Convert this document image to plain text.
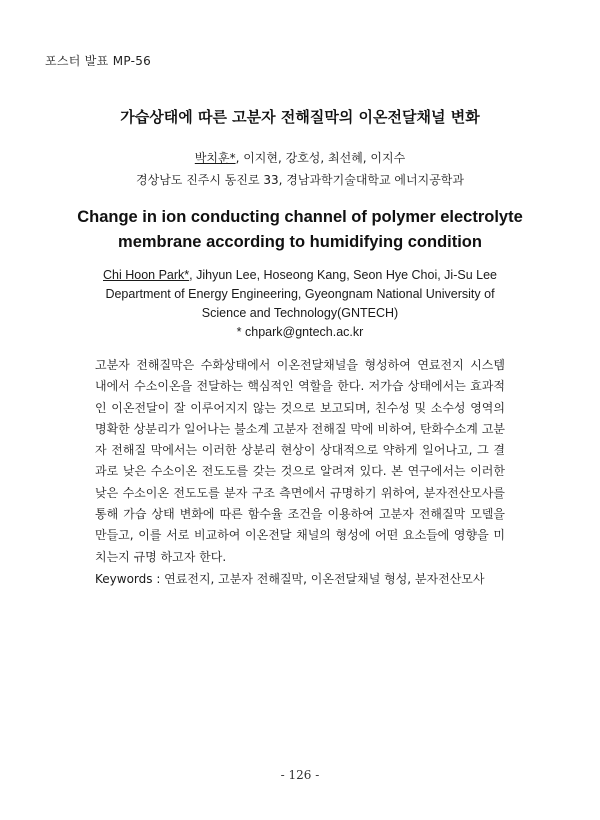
포스터 발표 MP-56
가습상태에 따른 고분자 전해질막의 이온전달채널 변화
박치훈*, 이지현, 강호성, 최선혜, 이지수
경상남도 진주시 동진로 33, 경남과학기술대학교 에너지공학과
Change in ion conducting channel of polymer electrolyte
membrane according to humidifying condition
Chi Hoon Park*, Jihyun Lee, Hoseong Kang, Seon Hye Choi, Ji-Su Lee
Department of Energy Engineering, Gyeongnam National University of
Science and Technology(GNTECH)
* chpark@gntech.ac.kr
고분자 전해질막은 수화상태에서 이온전달채널을 형성하여 연료전지 시스템
내에서 수소이온을 전달하는 핵심적인 역할을 한다. 저가습 상태에서는 효과적
인 이온전달이 잘 이루어지지 않는 것으로 보고되며, 친수성 및 소수성 영역의
명확한 상분리가 일어나는 불소계 고분자 전해질 막에 비하여, 탄화수소계 고분
자 전해질 막에서는 이러한 상분리 현상이 상대적으로 약하게 일어나고, 그 결
과로 낮은 수소이온 전도도를 갖는 것으로 알려져 있다. 본 연구에서는 이러한
낮은 수소이온 전도도를 분자 구조 측면에서 규명하기 위하여, 분자전산모사를
통해 가습 상태 변화에 따른 함수율 조건을 이용하여 고분자 전해질막 모델을
만들고, 이를 서로 비교하여 이온전달 채널의 형성에 어떤 요소들에 영향을 미
치는지 규명 하고자 한다.
Keywords : 연료전지, 고분자 전해질막, 이온전달채널 형성, 분자전산모사
- 126 -
